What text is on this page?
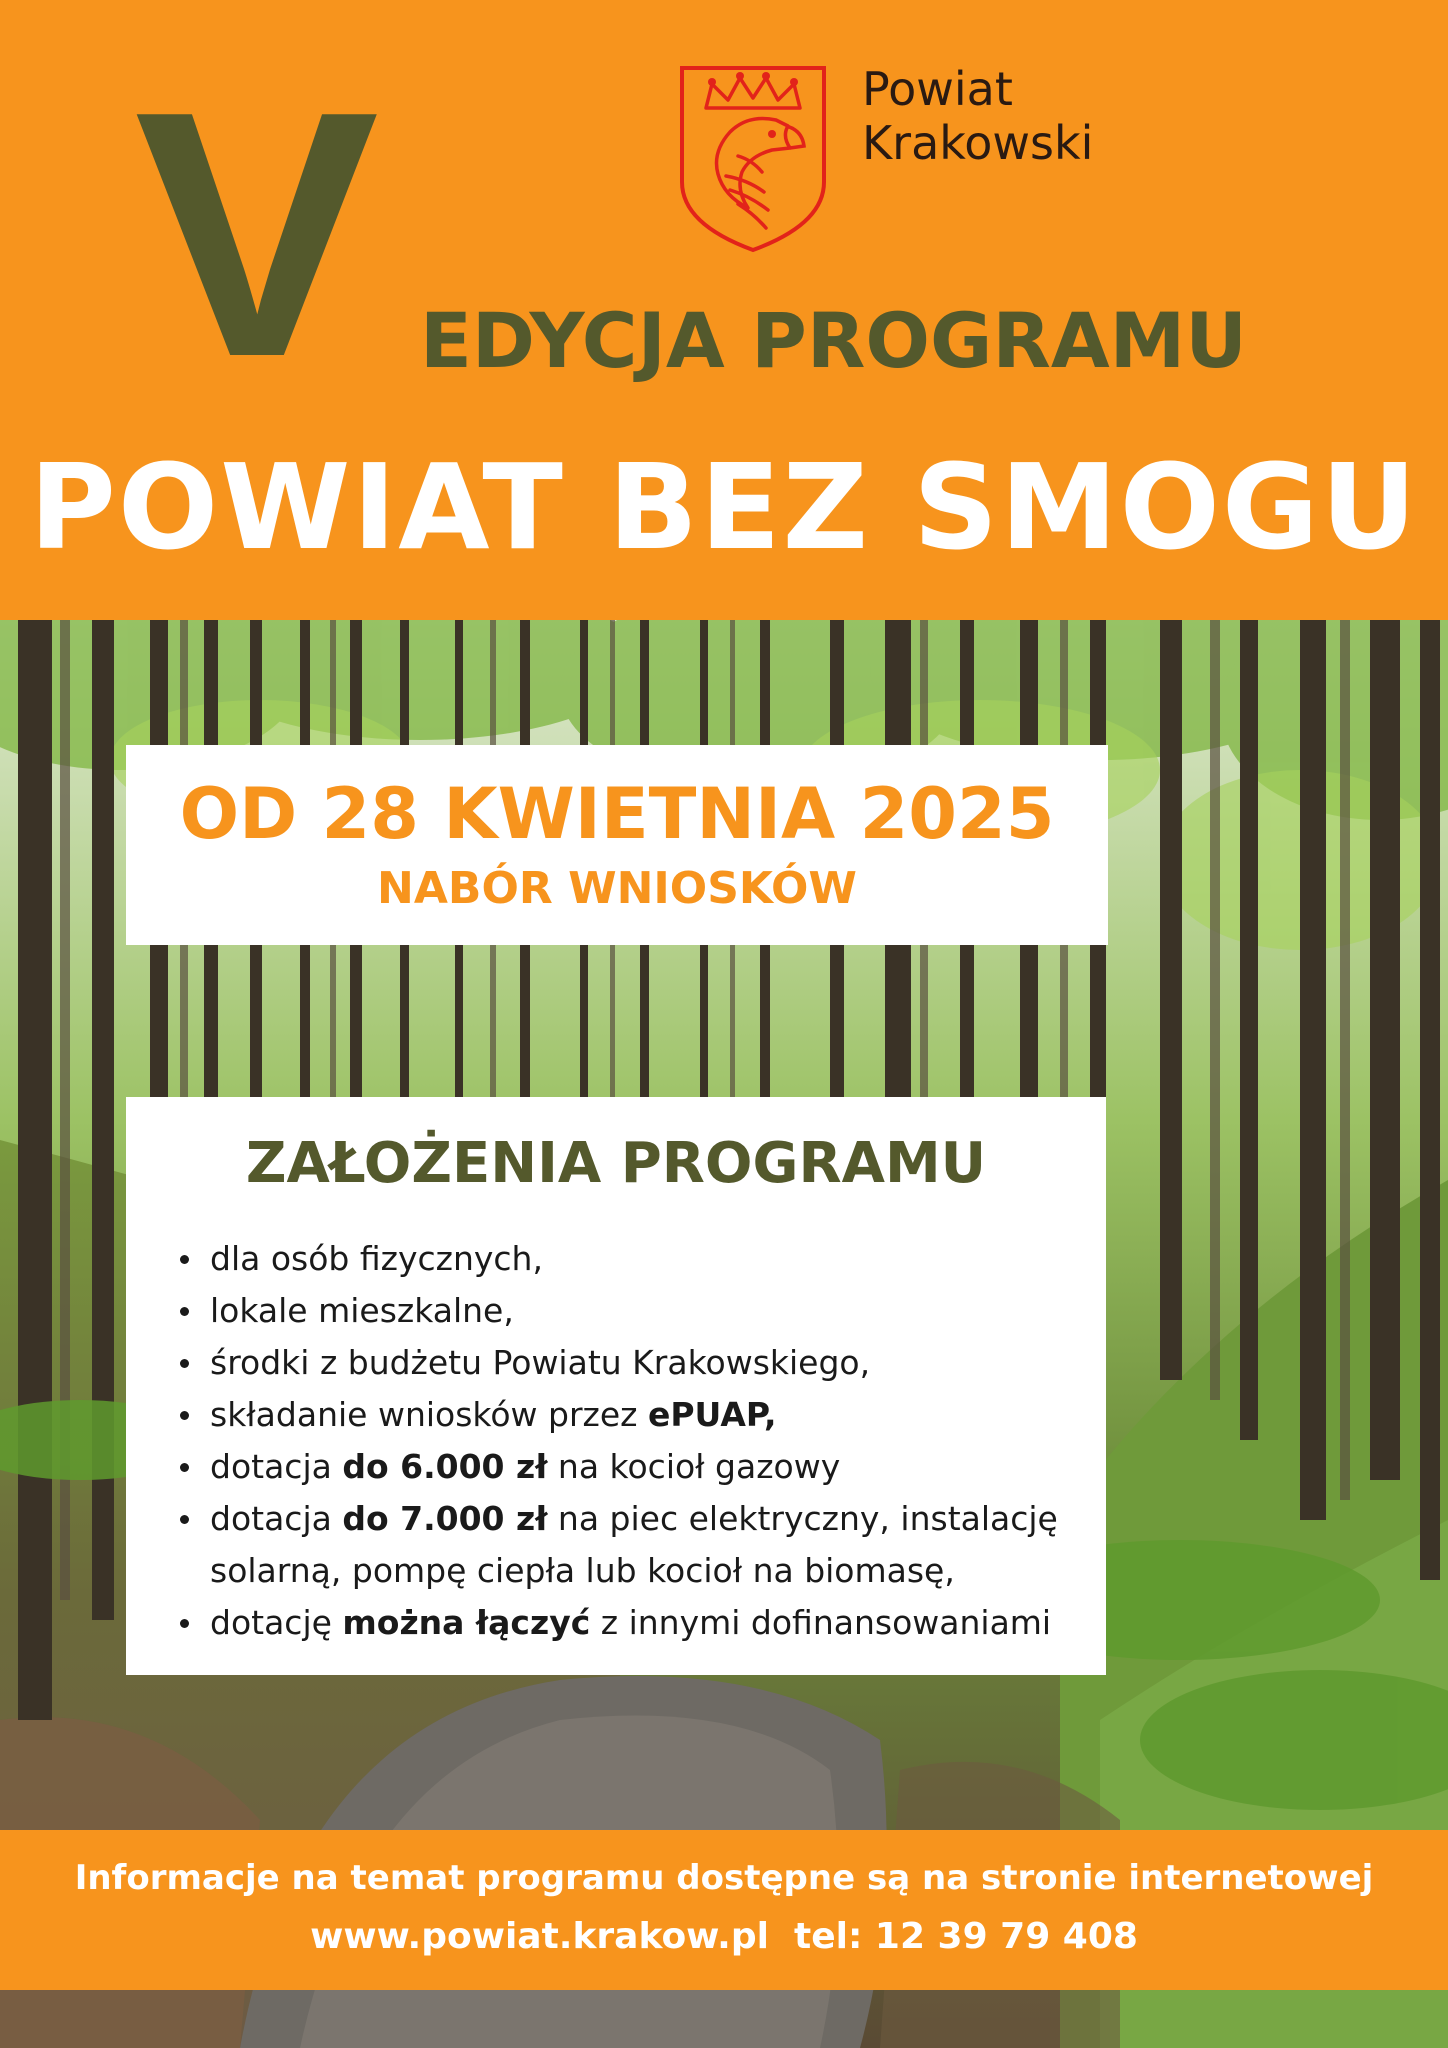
V	Powiat
Krakowski
EDYCJA PROGRAMU
POWIAT BEZ SMOGU
OD 28 KWIETNIA 2025
NABÓR WNIOSKÓW
ZAŁOŻENIA PROGRAMU
dla osób fizycznych,
lokale mieszkalne,
środki z budżetu Powiatu Krakowskiego,
składanie wniosków przez ePUAP,
dotacja do 6.000 zł na kocioł gazowy
dotacja do 7.000 zł na piec elektryczny, instalację solarną, pompę ciepła lub kocioł na biomasę,
dotację można łączyć z innymi dofinansowaniami
Informacje na temat programu dostępne są na stronie internetowej
www.powiat.krakow.pl tel: 12 39 79 408
